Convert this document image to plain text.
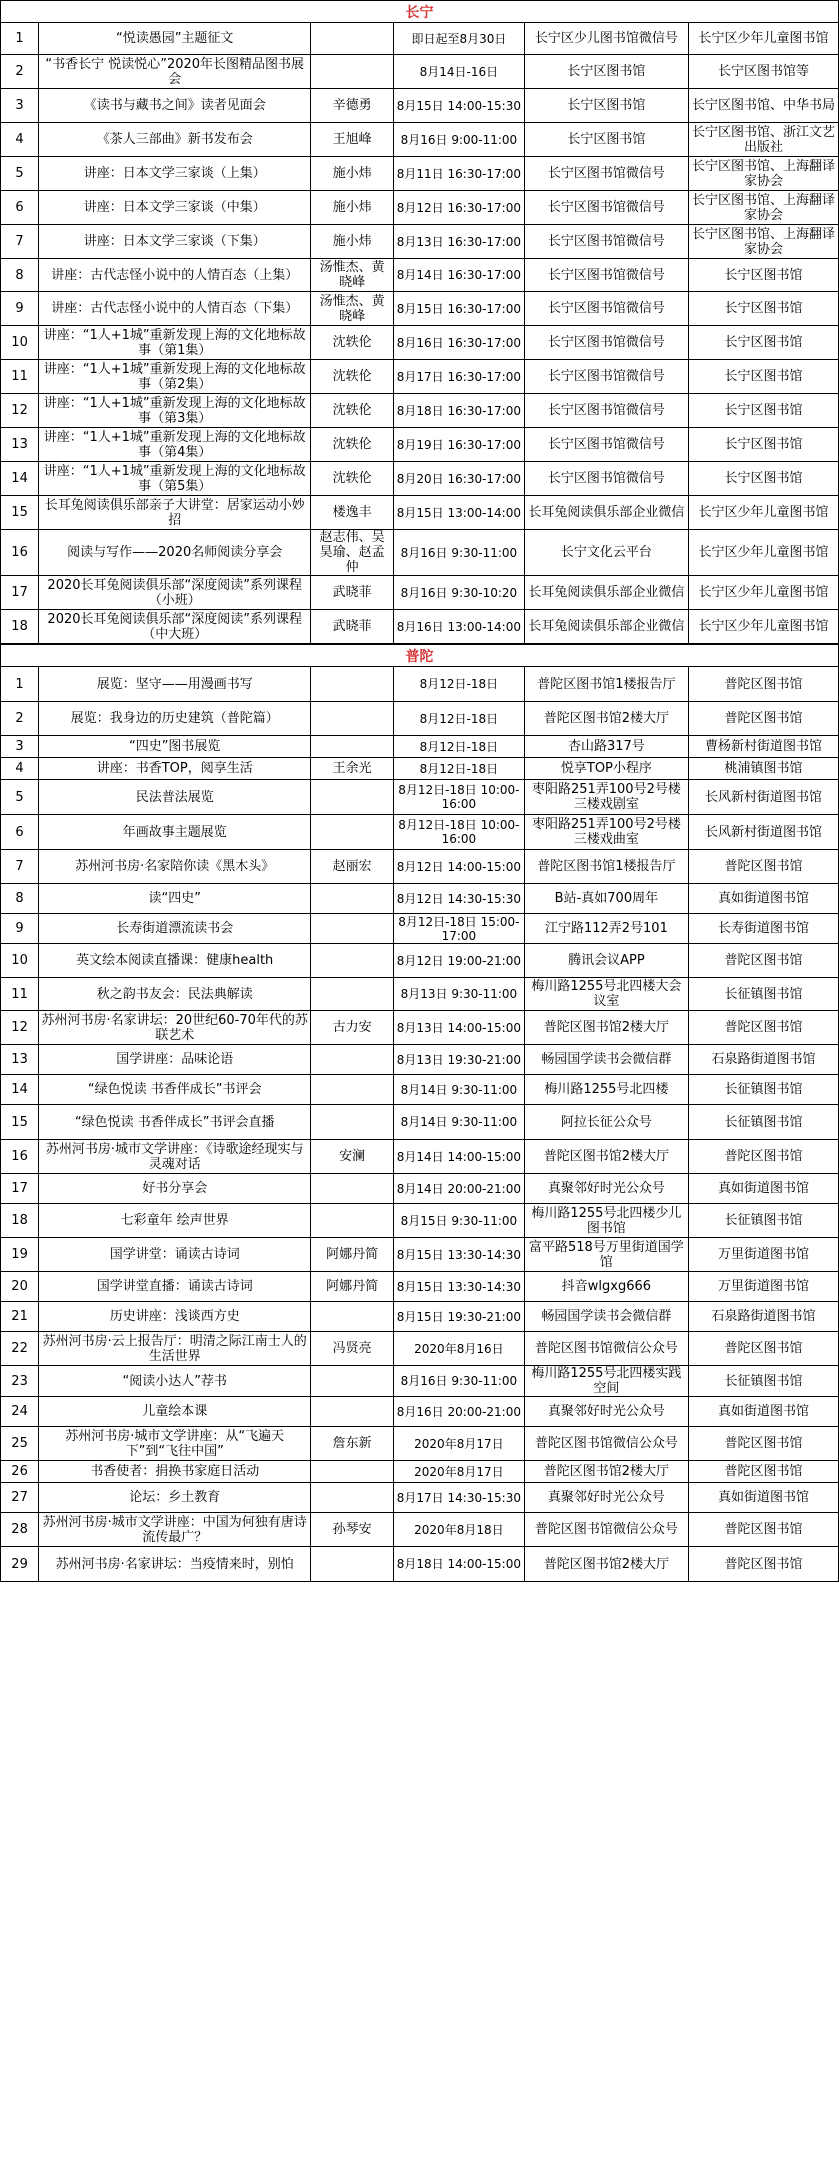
长宁
1	“悦读愚园”主题征文		即日起至8月30日	长宁区少儿图书馆微信号	长宁区少年儿童图书馆
2	“书香长宁 悦读悦心”2020年长图精品图书展会		8月14日-16日	长宁区图书馆	长宁区图书馆等
3	《读书与藏书之间》读者见面会	辛德勇	8月15日 14:00-15:30	长宁区图书馆	长宁区图书馆、中华书局
4	《茶人三部曲》新书发布会	王旭峰	8月16日 9:00-11:00	长宁区图书馆	长宁区图书馆、浙江文艺出版社
5	讲座：日本文学三家谈（上集）	施小炜	8月11日 16:30-17:00	长宁区图书馆微信号	长宁区图书馆、上海翻译家协会
6	讲座：日本文学三家谈（中集）	施小炜	8月12日 16:30-17:00	长宁区图书馆微信号	长宁区图书馆、上海翻译家协会
7	讲座：日本文学三家谈（下集）	施小炜	8月13日 16:30-17:00	长宁区图书馆微信号	长宁区图书馆、上海翻译家协会
8	讲座：古代志怪小说中的人情百态（上集）	汤惟杰、黄晓峰	8月14日 16:30-17:00	长宁区图书馆微信号	长宁区图书馆
9	讲座：古代志怪小说中的人情百态（下集）	汤惟杰、黄晓峰	8月15日 16:30-17:00	长宁区图书馆微信号	长宁区图书馆
10	讲座：“1人+1城”重新发现上海的文化地标故事（第1集）	沈轶伦	8月16日 16:30-17:00	长宁区图书馆微信号	长宁区图书馆
11	讲座：“1人+1城”重新发现上海的文化地标故事（第2集）	沈轶伦	8月17日 16:30-17:00	长宁区图书馆微信号	长宁区图书馆
12	讲座：“1人+1城”重新发现上海的文化地标故事（第3集）	沈轶伦	8月18日 16:30-17:00	长宁区图书馆微信号	长宁区图书馆
13	讲座：“1人+1城”重新发现上海的文化地标故事（第4集）	沈轶伦	8月19日 16:30-17:00	长宁区图书馆微信号	长宁区图书馆
14	讲座：“1人+1城”重新发现上海的文化地标故事（第5集）	沈轶伦	8月20日 16:30-17:00	长宁区图书馆微信号	长宁区图书馆
15	长耳兔阅读俱乐部亲子大讲堂：居家运动小妙招	楼逸丰	8月15日 13:00-14:00	长耳兔阅读俱乐部企业微信	长宁区少年儿童图书馆
16	阅读与写作——2020名师阅读分享会	赵志伟、吴昊瑜、赵孟仲	8月16日 9:30-11:00	长宁文化云平台	长宁区少年儿童图书馆
17	2020长耳兔阅读俱乐部“深度阅读”系列课程（小班）	武晓菲	8月16日 9:30-10:20	长耳兔阅读俱乐部企业微信	长宁区少年儿童图书馆
18	2020长耳兔阅读俱乐部“深度阅读”系列课程（中大班）	武晓菲	8月16日 13:00-14:00	长耳兔阅读俱乐部企业微信	长宁区少年儿童图书馆
普陀
1	展览：坚守——用漫画书写		8月12日-18日	普陀区图书馆1楼报告厅	普陀区图书馆
2	展览：我身边的历史建筑（普陀篇）		8月12日-18日	普陀区图书馆2楼大厅	普陀区图书馆
3	“四史”图书展览		8月12日-18日	杏山路317号	曹杨新村街道图书馆
4	讲座：书香TOP，阅享生活	王余光	8月12日-18日	悦享TOP小程序	桃浦镇图书馆
5	民法普法展览		8月12日-18日 10:00-16:00	枣阳路251弄100号2号楼三楼戏剧室	长风新村街道图书馆
6	年画故事主题展览		8月12日-18日 10:00-16:00	枣阳路251弄100号2号楼三楼戏曲室	长风新村街道图书馆
7	苏州河书房·名家陪你读《黑木头》	赵丽宏	8月12日 14:00-15:00	普陀区图书馆1楼报告厅	普陀区图书馆
8	读“四史”		8月12日 14:30-15:30	B站-真如700周年	真如街道图书馆
9	长寿街道漂流读书会		8月12日-18日 15:00-17:00	江宁路112弄2号101	长寿街道图书馆
10	英文绘本阅读直播课：健康health		8月12日 19:00-21:00	腾讯会议APP	普陀区图书馆
11	秋之韵书友会：民法典解读		8月13日 9:30-11:00	梅川路1255号北四楼大会议室	长征镇图书馆
12	苏州河书房·名家讲坛：20世纪60-70年代的苏联艺术	古力安	8月13日 14:00-15:00	普陀区图书馆2楼大厅	普陀区图书馆
13	国学讲座：品味论语		8月13日 19:30-21:00	畅园国学读书会微信群	石泉路街道图书馆
14	“绿色悦读 书香伴成长”书评会		8月14日 9:30-11:00	梅川路1255号北四楼	长征镇图书馆
15	“绿色悦读 书香伴成长”书评会直播		8月14日 9:30-11:00	阿拉长征公众号	长征镇图书馆
16	苏州河书房·城市文学讲座：《诗歌途经现实与灵魂对话	安澜	8月14日 14:00-15:00	普陀区图书馆2楼大厅	普陀区图书馆
17	好书分享会		8月14日 20:00-21:00	真聚邻好时光公众号	真如街道图书馆
18	七彩童年 绘声世界		8月15日 9:30-11:00	梅川路1255号北四楼少儿图书馆	长征镇图书馆
19	国学讲堂：诵读古诗词	阿娜丹简	8月15日 13:30-14:30	富平路518号万里街道国学馆	万里街道图书馆
20	国学讲堂直播：诵读古诗词	阿娜丹简	8月15日 13:30-14:30	抖音wlgxg666	万里街道图书馆
21	历史讲座：浅谈西方史		8月15日 19:30-21:00	畅园国学读书会微信群	石泉路街道图书馆
22	苏州河书房·云上报告厅：明清之际江南士人的生活世界	冯贤亮	2020年8月16日	普陀区图书馆微信公众号	普陀区图书馆
23	“阅读小达人”荐书		8月16日 9:30-11:00	梅川路1255号北四楼实践空间	长征镇图书馆
24	儿童绘本课		8月16日 20:00-21:00	真聚邻好时光公众号	真如街道图书馆
25	苏州河书房·城市文学讲座：从“飞遍天下”到“飞往中国”	詹东新	2020年8月17日	普陀区图书馆微信公众号	普陀区图书馆
26	书香使者：捐换书家庭日活动		2020年8月17日	普陀区图书馆2楼大厅	普陀区图书馆
27	论坛：乡土教育		8月17日 14:30-15:30	真聚邻好时光公众号	真如街道图书馆
28	苏州河书房·城市文学讲座：中国为何独有唐诗流传最广？	孙琴安	2020年8月18日	普陀区图书馆微信公众号	普陀区图书馆
29	苏州河书房·名家讲坛：当疫情来时，别怕		8月18日 14:00-15:00	普陀区图书馆2楼大厅	普陀区图书馆
